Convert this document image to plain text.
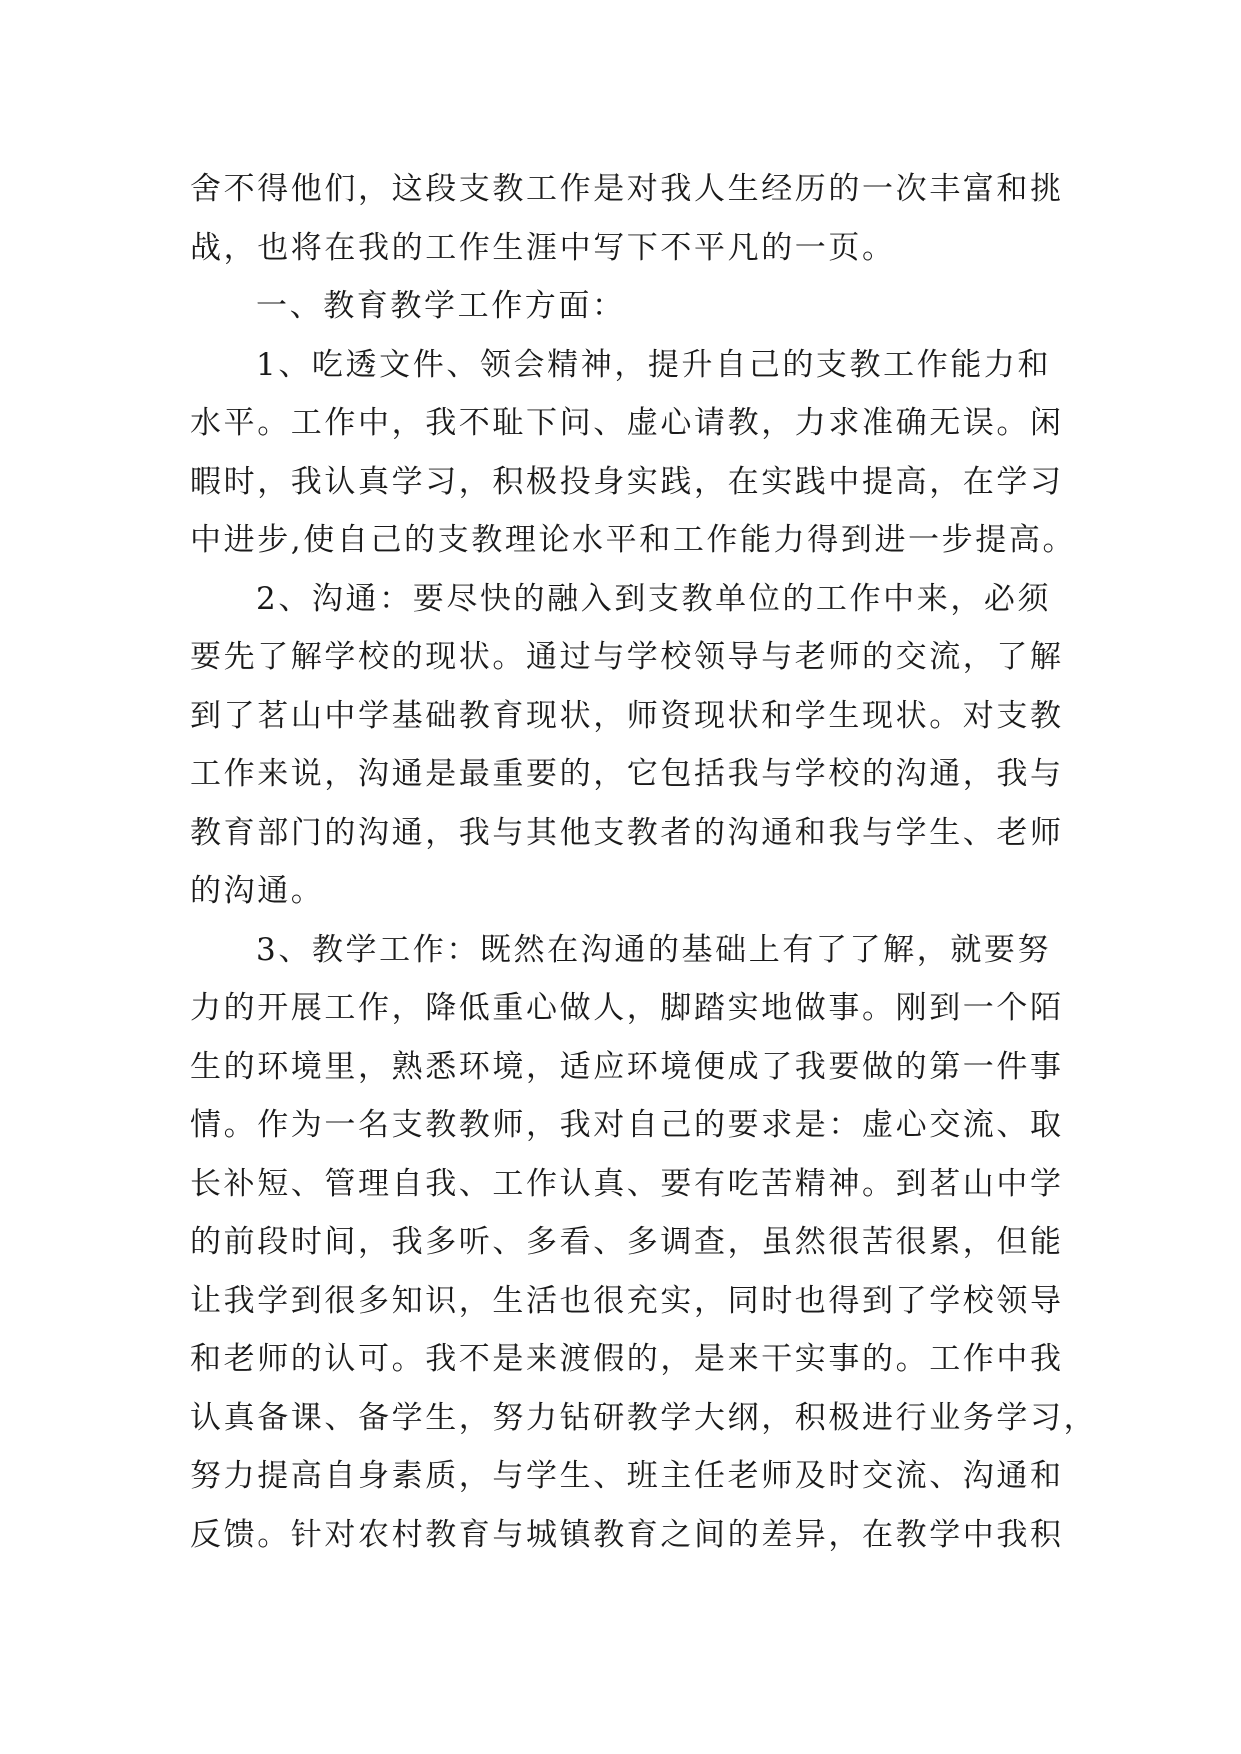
舍不得他们，这段支教工作是对我人生经历的一次丰富和挑
战，也将在我的工作生涯中写下不平凡的一页。
一、教育教学工作方面：
1、吃透文件、领会精神，提升自己的支教工作能力和
水平。工作中，我不耻下问、虚心请教，力求准确无误。闲
暇时，我认真学习，积极投身实践，在实践中提高，在学习
中进步,使自己的支教理论水平和工作能力得到进一步提高。
2、沟通：要尽快的融入到支教单位的工作中来，必须
要先了解学校的现状。通过与学校领导与老师的交流，了解
到了茗山中学基础教育现状，师资现状和学生现状。对支教
工作来说，沟通是最重要的，它包括我与学校的沟通，我与
教育部门的沟通，我与其他支教者的沟通和我与学生、老师
的沟通。
3、教学工作：既然在沟通的基础上有了了解，就要努
力的开展工作，降低重心做人，脚踏实地做事。刚到一个陌
生的环境里，熟悉环境，适应环境便成了我要做的第一件事
情。作为一名支教教师，我对自己的要求是：虚心交流、取
长补短、管理自我、工作认真、要有吃苦精神。到茗山中学
的前段时间，我多听、多看、多调查，虽然很苦很累，但能
让我学到很多知识，生活也很充实，同时也得到了学校领导
和老师的认可。我不是来渡假的，是来干实事的。工作中我
认真备课、备学生，努力钻研教学大纲，积极进行业务学习，
努力提高自身素质，与学生、班主任老师及时交流、沟通和
反馈。针对农村教育与城镇教育之间的差异，在教学中我积
